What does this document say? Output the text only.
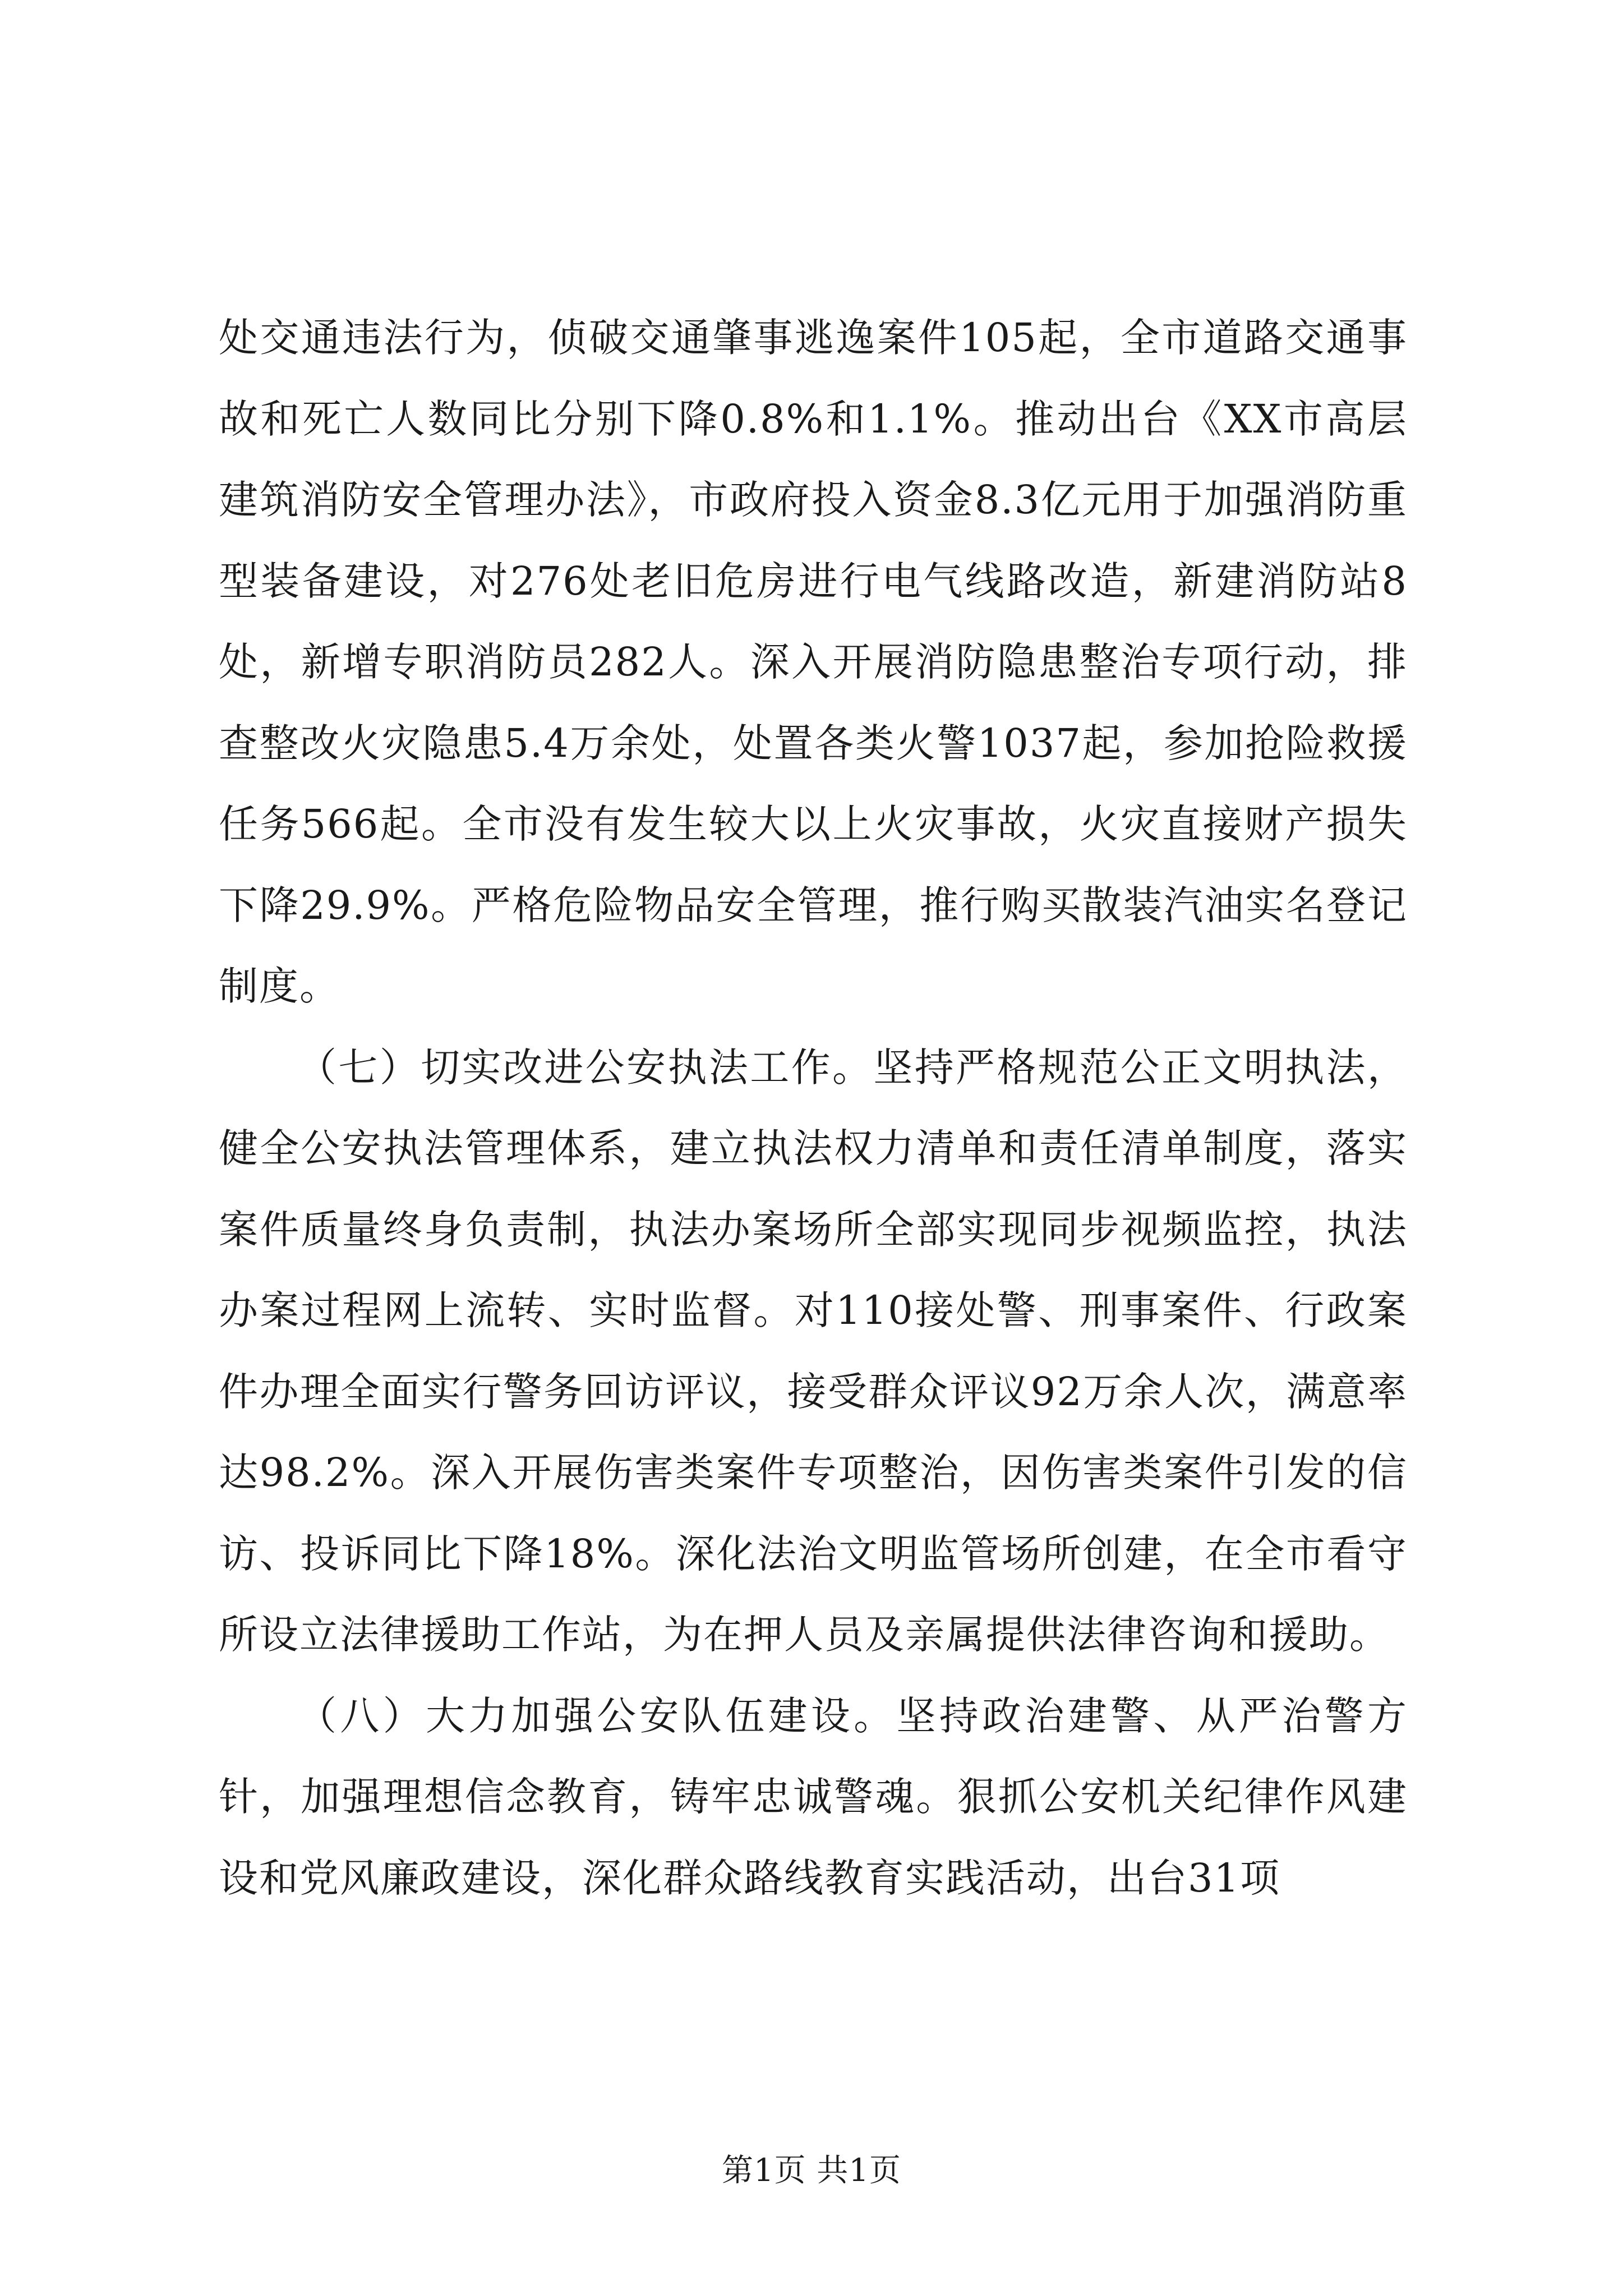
处交通违法行为，侦破交通肇事逃逸案件105起，全市道路交通事故和死亡人数同比分别下降0.8%和1.1%。推动出台《XX市高层建筑消防安全管理办法》，市政府投入资金8.3亿元用于加强消防重型装备建设，对276处老旧危房进行电气线路改造，新建消防站8处，新增专职消防员282人。深入开展消防隐患整治专项行动，排查整改火灾隐患5.4万余处，处置各类火警1037起，参加抢险救援任务566起。全市没有发生较大以上火灾事故，火灾直接财产损失下降29.9%。严格危险物品安全管理，推行购买散装汽油实名登记制度。

（七）切实改进公安执法工作。坚持严格规范公正文明执法，健全公安执法管理体系，建立执法权力清单和责任清单制度，落实案件质量终身负责制，执法办案场所全部实现同步视频监控，执法办案过程网上流转、实时监督。对110接处警、刑事案件、行政案件办理全面实行警务回访评议，接受群众评议92万余人次，满意率达98.2%。深入开展伤害类案件专项整治，因伤害类案件引发的信访、投诉同比下降18%。深化法治文明监管场所创建，在全市看守所设立法律援助工作站，为在押人员及亲属提供法律咨询和援助。

（八）大力加强公安队伍建设。坚持政治建警、从严治警方针，加强理想信念教育，铸牢忠诚警魂。狠抓公安机关纪律作风建设和党风廉政建设，深化群众路线教育实践活动，出台31项

第1页 共1页
